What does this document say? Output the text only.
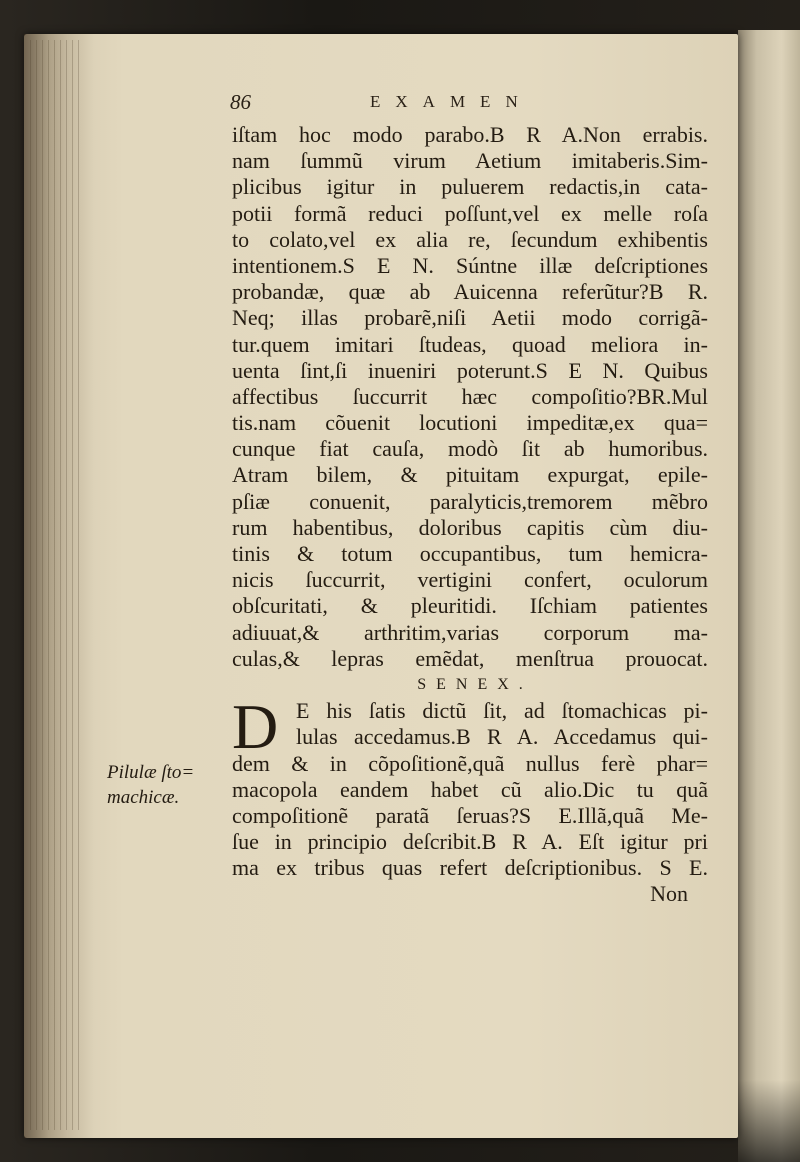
86	EXAMEN
Pilulæ ſto=
machicæ.
iſtam hoc modo parabo.B R A.Non errabis.
nam ſummũ virum Aetium imitaberis.Sim-
plicibus igitur in puluerem redactis,in cata-
potii formã reduci poſſunt,vel ex melle roſa
to colato,vel ex alia re, ſecundum exhibentis
intentionem.S E N. Súntne illæ deſcriptiones
probandæ, quæ ab Auicenna referũtur?B R.
Neq; illas probarẽ,niſi Aetii modo corrigã-
tur.quem imitari ſtudeas, quoad meliora in-
uenta ſint,ſi inueniri poterunt.S E N. Quibus
affectibus ſuccurrit hæc compoſitio?BR.Mul
tis.nam cõuenit locutioni impeditæ,ex qua=
cunque fiat cauſa, modò ſit ab humoribus.
Atram bilem, & pituitam expurgat, epile-
pſiæ conuenit, paralyticis,tremorem mẽbro
rum habentibus, doloribus capitis cùm diu-
tinis & totum occupantibus, tum hemicra-
nicis ſuccurrit, vertigini confert, oculorum
obſcuritati, & pleuritidi. Iſchiam patientes
adiuuat,& arthritim,varias corporum ma-
culas,& lepras emẽdat, menſtrua prouocat.
SENEX.
D E his ſatis dictũ ſit, ad ſtomachicas pi-
lulas accedamus.B R A. Accedamus qui-
dem & in cõpoſitionẽ,quã nullus ferè phar=
macopola eandem habet cũ alio.Dic tu quã
compoſitionẽ paratã ſeruas?S E.Illã,quã Me-
ſue in principio deſcribit.B R A. Eſt igitur pri
ma ex tribus quas refert deſcriptionibus. S E.
Non
